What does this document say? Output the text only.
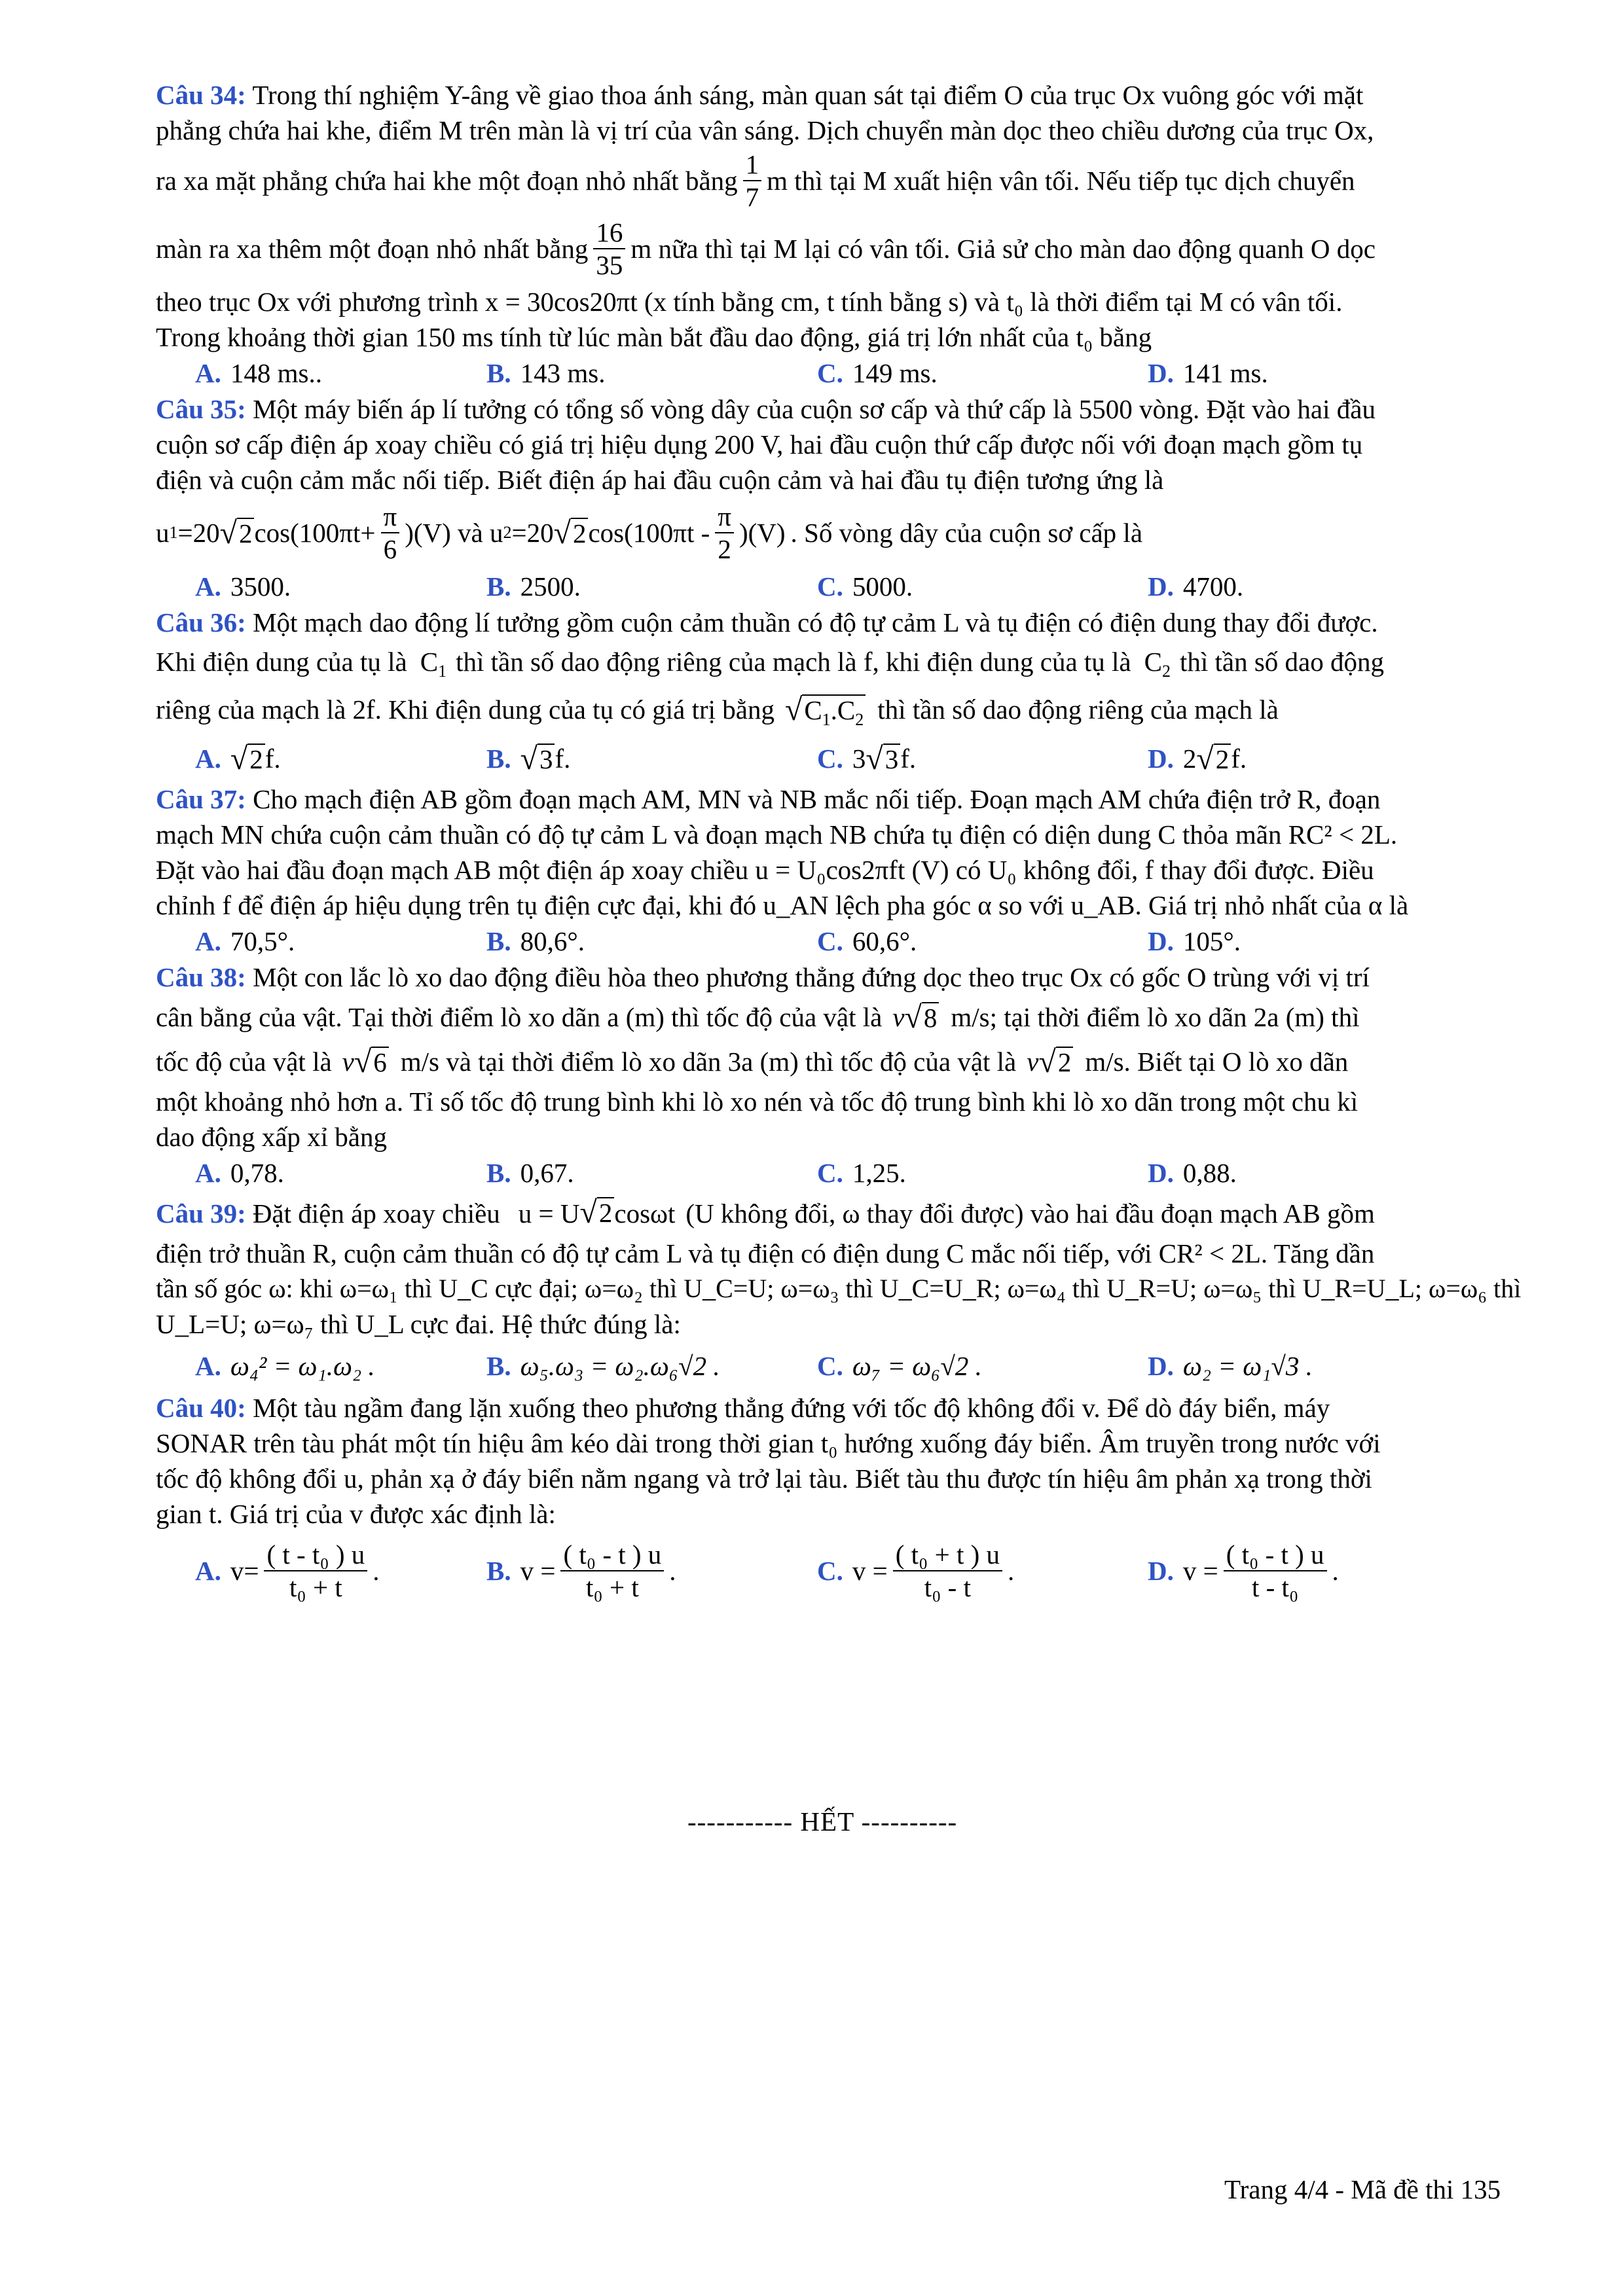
Câu 34: Trong thí nghiệm Y-âng về giao thoa ánh sáng, màn quan sát tại điểm O của trục Ox vuông góc với mặt
phẳng chứa hai khe, điểm M trên màn là vị trí của vân sáng. Dịch chuyển màn dọc theo chiều dương của trục Ox,
ra xa mặt phẳng chứa hai khe một đoạn nhỏ nhất bằng $\frac{1}{7}$ m thì tại M xuất hiện vân tối. Nếu tiếp tục dịch chuyển
màn ra xa thêm một đoạn nhỏ nhất bằng $\frac{16}{35}$ m nữa thì tại M lại có vân tối. Giả sử cho màn dao động quanh O dọc
theo trục Ox với phương trình x = 30cos20πt (x tính bằng cm, t tính bằng s) và t₀ là thời điểm tại M có vân tối.
Trong khoảng thời gian 150 ms tính từ lúc màn bắt đầu dao động, giá trị lớn nhất của t₀ bằng
A. 148 ms..	B. 143 ms.	C. 149 ms.	D. 141 ms.
Câu 35: Một máy biến áp lí tưởng có tổng số vòng dây của cuộn sơ cấp và thứ cấp là 5500 vòng. Đặt vào hai đầu
cuộn sơ cấp điện áp xoay chiều có giá trị hiệu dụng 200 V, hai đầu cuộn thứ cấp được nối với đoạn mạch gồm tụ
điện và cuộn cảm mắc nối tiếp. Biết điện áp hai đầu cuộn cảm và hai đầu tụ điện tương ứng là
u 1 =20 √ 2 $\cos(100\pi t+ \frac{\pi}{6} )(V)$ và u 2 =20 √ 2 $\cos(100\pi t - \frac{\pi}{2} )(V)$ . Số vòng dây của cuộn sơ cấp là
A. 3500.	B. 2500.	C. 5000.	D. 4700.
Câu 36: Một mạch dao động lí tưởng gồm cuộn cảm thuần có độ tự cảm L và tụ điện có điện dung thay đổi được.
Khi điện dung của tụ là $C_1$ thì tần số dao động riêng của mạch là f, khi điện dung của tụ là $C_2$ thì tần số dao động
riêng của mạch là 2f. Khi điện dung của tụ có giá trị bằng √ $C_1.C_2$ thì tần số dao động riêng của mạch là
A. √ 2 f.	B. √ 3 f.	C. 3 √ 3 f.	D. 2 √ 2 f.
Câu 37: Cho mạch điện AB gồm đoạn mạch AM, MN và NB mắc nối tiếp. Đoạn mạch AM chứa điện trở R, đoạn
mạch MN chứa cuộn cảm thuần có độ tự cảm L và đoạn mạch NB chứa tụ điện có diện dung C thỏa mãn RC² < 2L.
Đặt vào hai đầu đoạn mạch AB một điện áp xoay chiều u = U₀cos2πft (V) có U₀ không đổi, f thay đổi được. Điều
chỉnh f để điện áp hiệu dụng trên tụ điện cực đại, khi đó u_AN lệch pha góc α so với u_AB. Giá trị nhỏ nhất của α là
A. 70,5°.	B. 80,6°.	C. 60,6°.	D. 105°.
Câu 38: Một con lắc lò xo dao động điều hòa theo phương thẳng đứng dọc theo trục Ox có gốc O trùng với vị trí
cân bằng của vật. Tại thời điểm lò xo dãn a (m) thì tốc độ của vật là v √ 8 m/s; tại thời điểm lò xo dãn 2a (m) thì
tốc độ của vật là v √ 6 m/s và tại thời điểm lò xo dãn 3a (m) thì tốc độ của vật là v √ 2 m/s. Biết tại O lò xo dãn
một khoảng nhỏ hơn a. Tỉ số tốc độ trung bình khi lò xo nén và tốc độ trung bình khi lò xo dãn trong một chu kì
dao động xấp xỉ bằng
A. 0,78.	B. 0,67.	C. 1,25.	D. 0,88.
Câu 39: Đặt điện áp xoay chiều u = U √ 2 cosωt (U không đổi, ω thay đổi được) vào hai đầu đoạn mạch AB gồm
điện trở thuần R, cuộn cảm thuần có độ tự cảm L và tụ điện có điện dung C mắc nối tiếp, với CR² < 2L. Tăng dần
tần số góc ω: khi ω=ω₁ thì U_C cực đại; ω=ω₂ thì U_C=U; ω=ω₃ thì U_C=U_R; ω=ω₄ thì U_R=U; ω=ω₅ thì U_R=U_L; ω=ω₆ thì
U_L=U; ω=ω₇ thì U_L cực đai. Hệ thức đúng là:
A. ω₄² = ω₁.ω₂ .	B. ω₅.ω₃ = ω₂.ω₆√2 .	C. ω₇ = ω₆√2 .	D. ω₂ = ω₁√3 .
Câu 40: Một tàu ngầm đang lặn xuống theo phương thẳng đứng với tốc độ không đổi v. Để dò đáy biển, máy
SONAR trên tàu phát một tín hiệu âm kéo dài trong thời gian t₀ hướng xuống đáy biển. Âm truyền trong nước với
tốc độ không đổi u, phản xạ ở đáy biển nằm ngang và trở lại tàu. Biết tàu thu được tín hiệu âm phản xạ trong thời
gian t. Giá trị của v được xác định là:
A. $v= \frac{\text{( t - t₀ ) u}}{\text{t₀ + t}}$ .	B. $v = \frac{\text{( t₀ - t ) u}}{\text{t₀ + t}}$ .	C. $v = \frac{\text{( t₀ + t ) u}}{\text{t₀ - t}}$ .	D. $v = \frac{\text{( t₀ - t ) u}}{\text{t - t₀}}$ .
----------- HẾT ----------
Trang 4/4 - Mã đề thi 135
